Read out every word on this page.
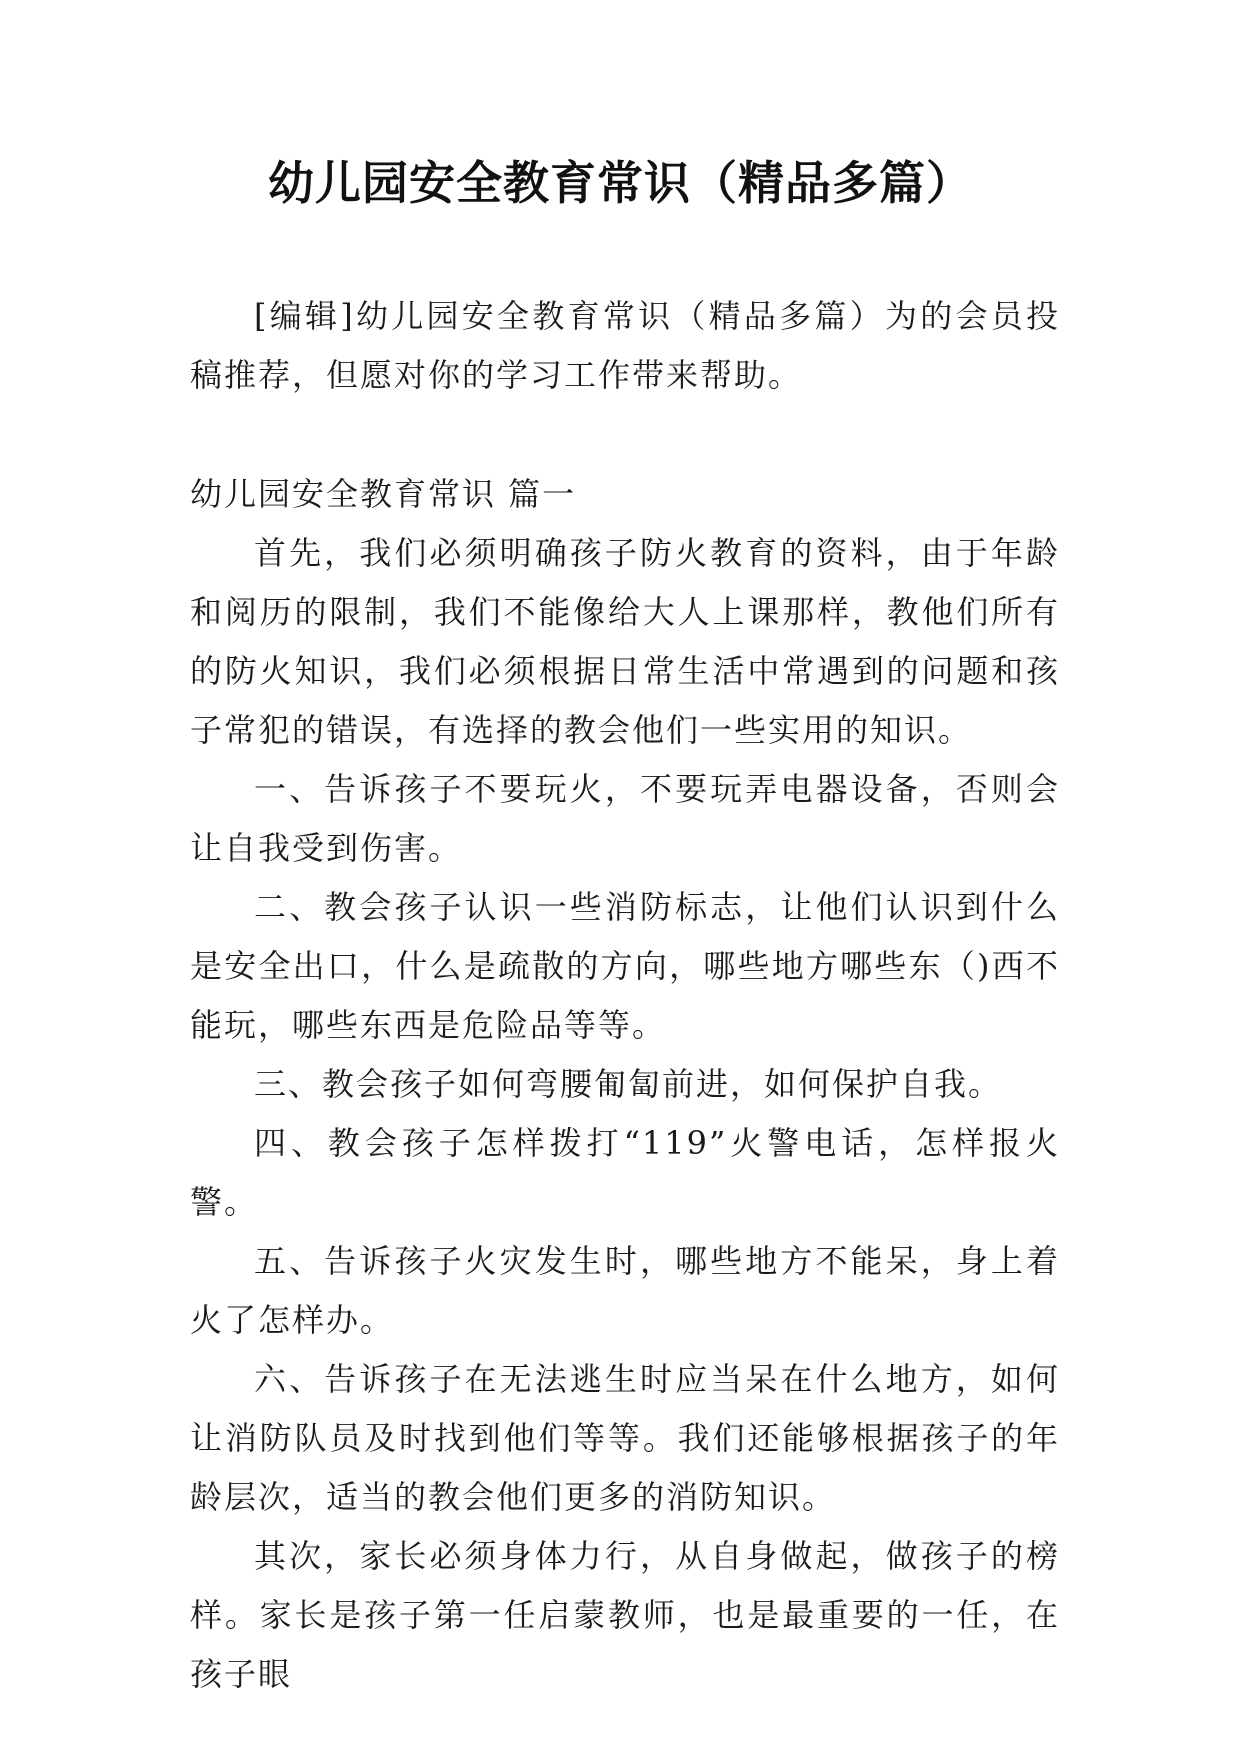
幼儿园安全教育常识（精品多篇）

[编辑]幼儿园安全教育常识（精品多篇）为的会员投稿推荐，但愿对你的学习工作带来帮助。

幼儿园安全教育常识 篇一

首先，我们必须明确孩子防火教育的资料，由于年龄和阅历的限制，我们不能像给大人上课那样，教他们所有的防火知识，我们必须根据日常生活中常遇到的问题和孩子常犯的错误，有选择的教会他们一些实用的知识。

一、告诉孩子不要玩火，不要玩弄电器设备，否则会让自我受到伤害。

二、教会孩子认识一些消防标志，让他们认识到什么是安全出口，什么是疏散的方向，哪些地方哪些东（)西不能玩，哪些东西是危险品等等。

三、教会孩子如何弯腰匍匐前进，如何保护自我。

四、教会孩子怎样拨打“119”火警电话，怎样报火警。

五、告诉孩子火灾发生时，哪些地方不能呆，身上着火了怎样办。

六、告诉孩子在无法逃生时应当呆在什么地方，如何让消防队员及时找到他们等等。我们还能够根据孩子的年龄层次，适当的教会他们更多的消防知识。

其次，家长必须身体力行，从自身做起，做孩子的榜样。家长是孩子第一任启蒙教师，也是最重要的一任，在孩子眼
